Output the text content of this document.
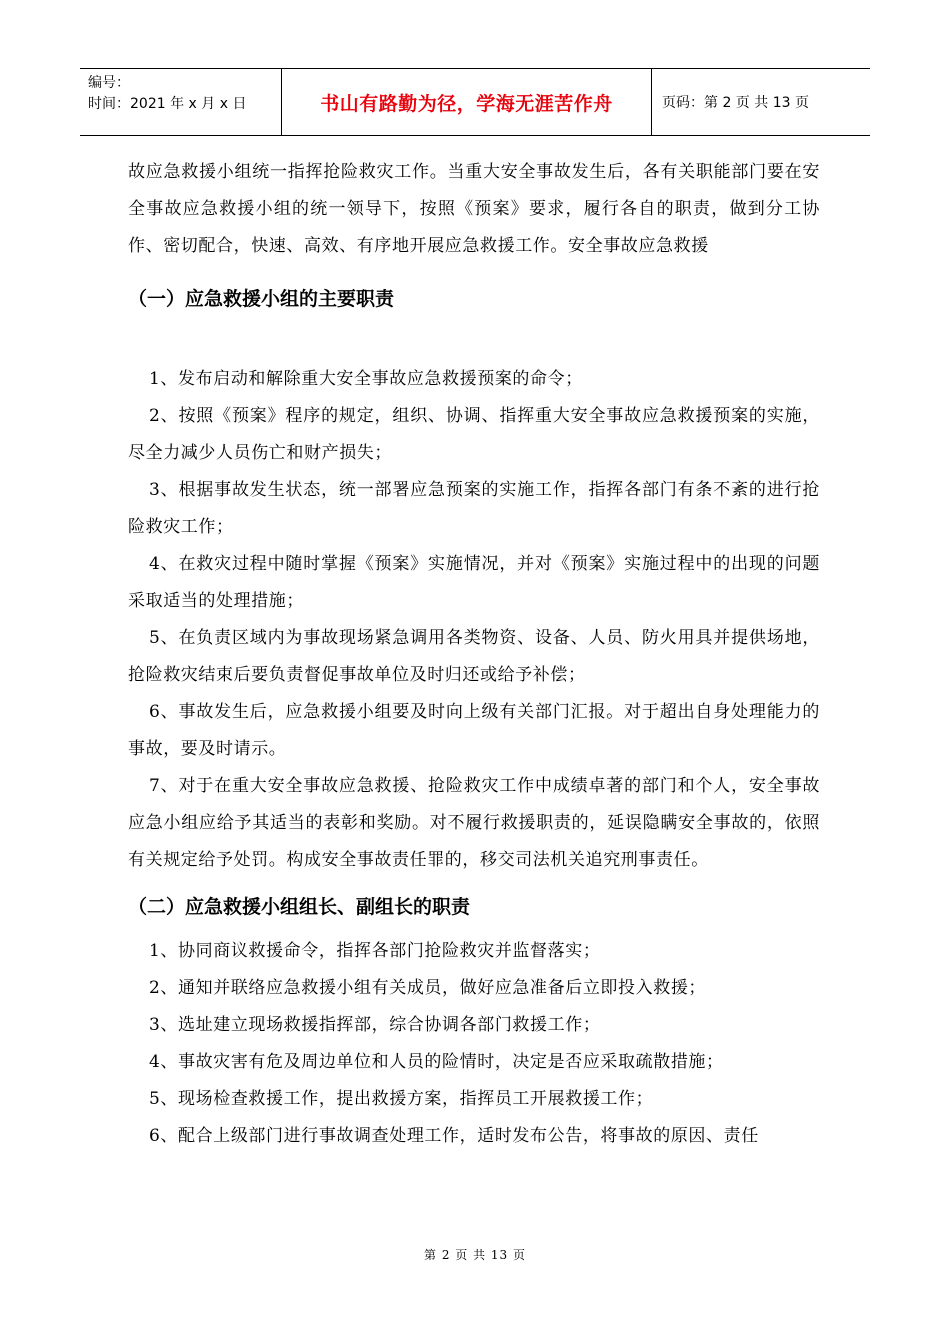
编号：
时间：2021 年 x 月 x 日	书山有路勤为径，学海无涯苦作舟	页码：第 2 页 共 13 页

故应急救援小组统一指挥抢险救灾工作。当重大安全事故发生后，各有关职能部门要在安全事故应急救援小组的统一领导下，按照《预案》要求，履行各自的职责，做到分工协作、密切配合，快速、高效、有序地开展应急救援工作。安全事故应急救援

（一）应急救援小组的主要职责

1、发布启动和解除重大安全事故应急救援预案的命令；

2、按照《预案》程序的规定，组织、协调、指挥重大安全事故应急救援预案的实施，尽全力减少人员伤亡和财产损失；

3、根据事故发生状态，统一部署应急预案的实施工作，指挥各部门有条不紊的进行抢险救灾工作；

4、在救灾过程中随时掌握《预案》实施情况，并对《预案》实施过程中的出现的问题采取适当的处理措施；

5、在负责区域内为事故现场紧急调用各类物资、设备、人员、防火用具并提供场地，抢险救灾结束后要负责督促事故单位及时归还或给予补偿；

6、事故发生后，应急救援小组要及时向上级有关部门汇报。对于超出自身处理能力的事故，要及时请示。

7、对于在重大安全事故应急救援、抢险救灾工作中成绩卓著的部门和个人，安全事故应急小组应给予其适当的表彰和奖励。对不履行救援职责的，延误隐瞒安全事故的，依照有关规定给予处罚。构成安全事故责任罪的，移交司法机关追究刑事责任。

（二）应急救援小组组长、副组长的职责

1、协同商议救援命令，指挥各部门抢险救灾并监督落实；

2、通知并联络应急救援小组有关成员，做好应急准备后立即投入救援；

3、选址建立现场救援指挥部，综合协调各部门救援工作；

4、事故灾害有危及周边单位和人员的险情时，决定是否应采取疏散措施；

5、现场检查救援工作，提出救援方案，指挥员工开展救援工作；

6、配合上级部门进行事故调查处理工作，适时发布公告，将事故的原因、责任

第 2 页 共 13 页
